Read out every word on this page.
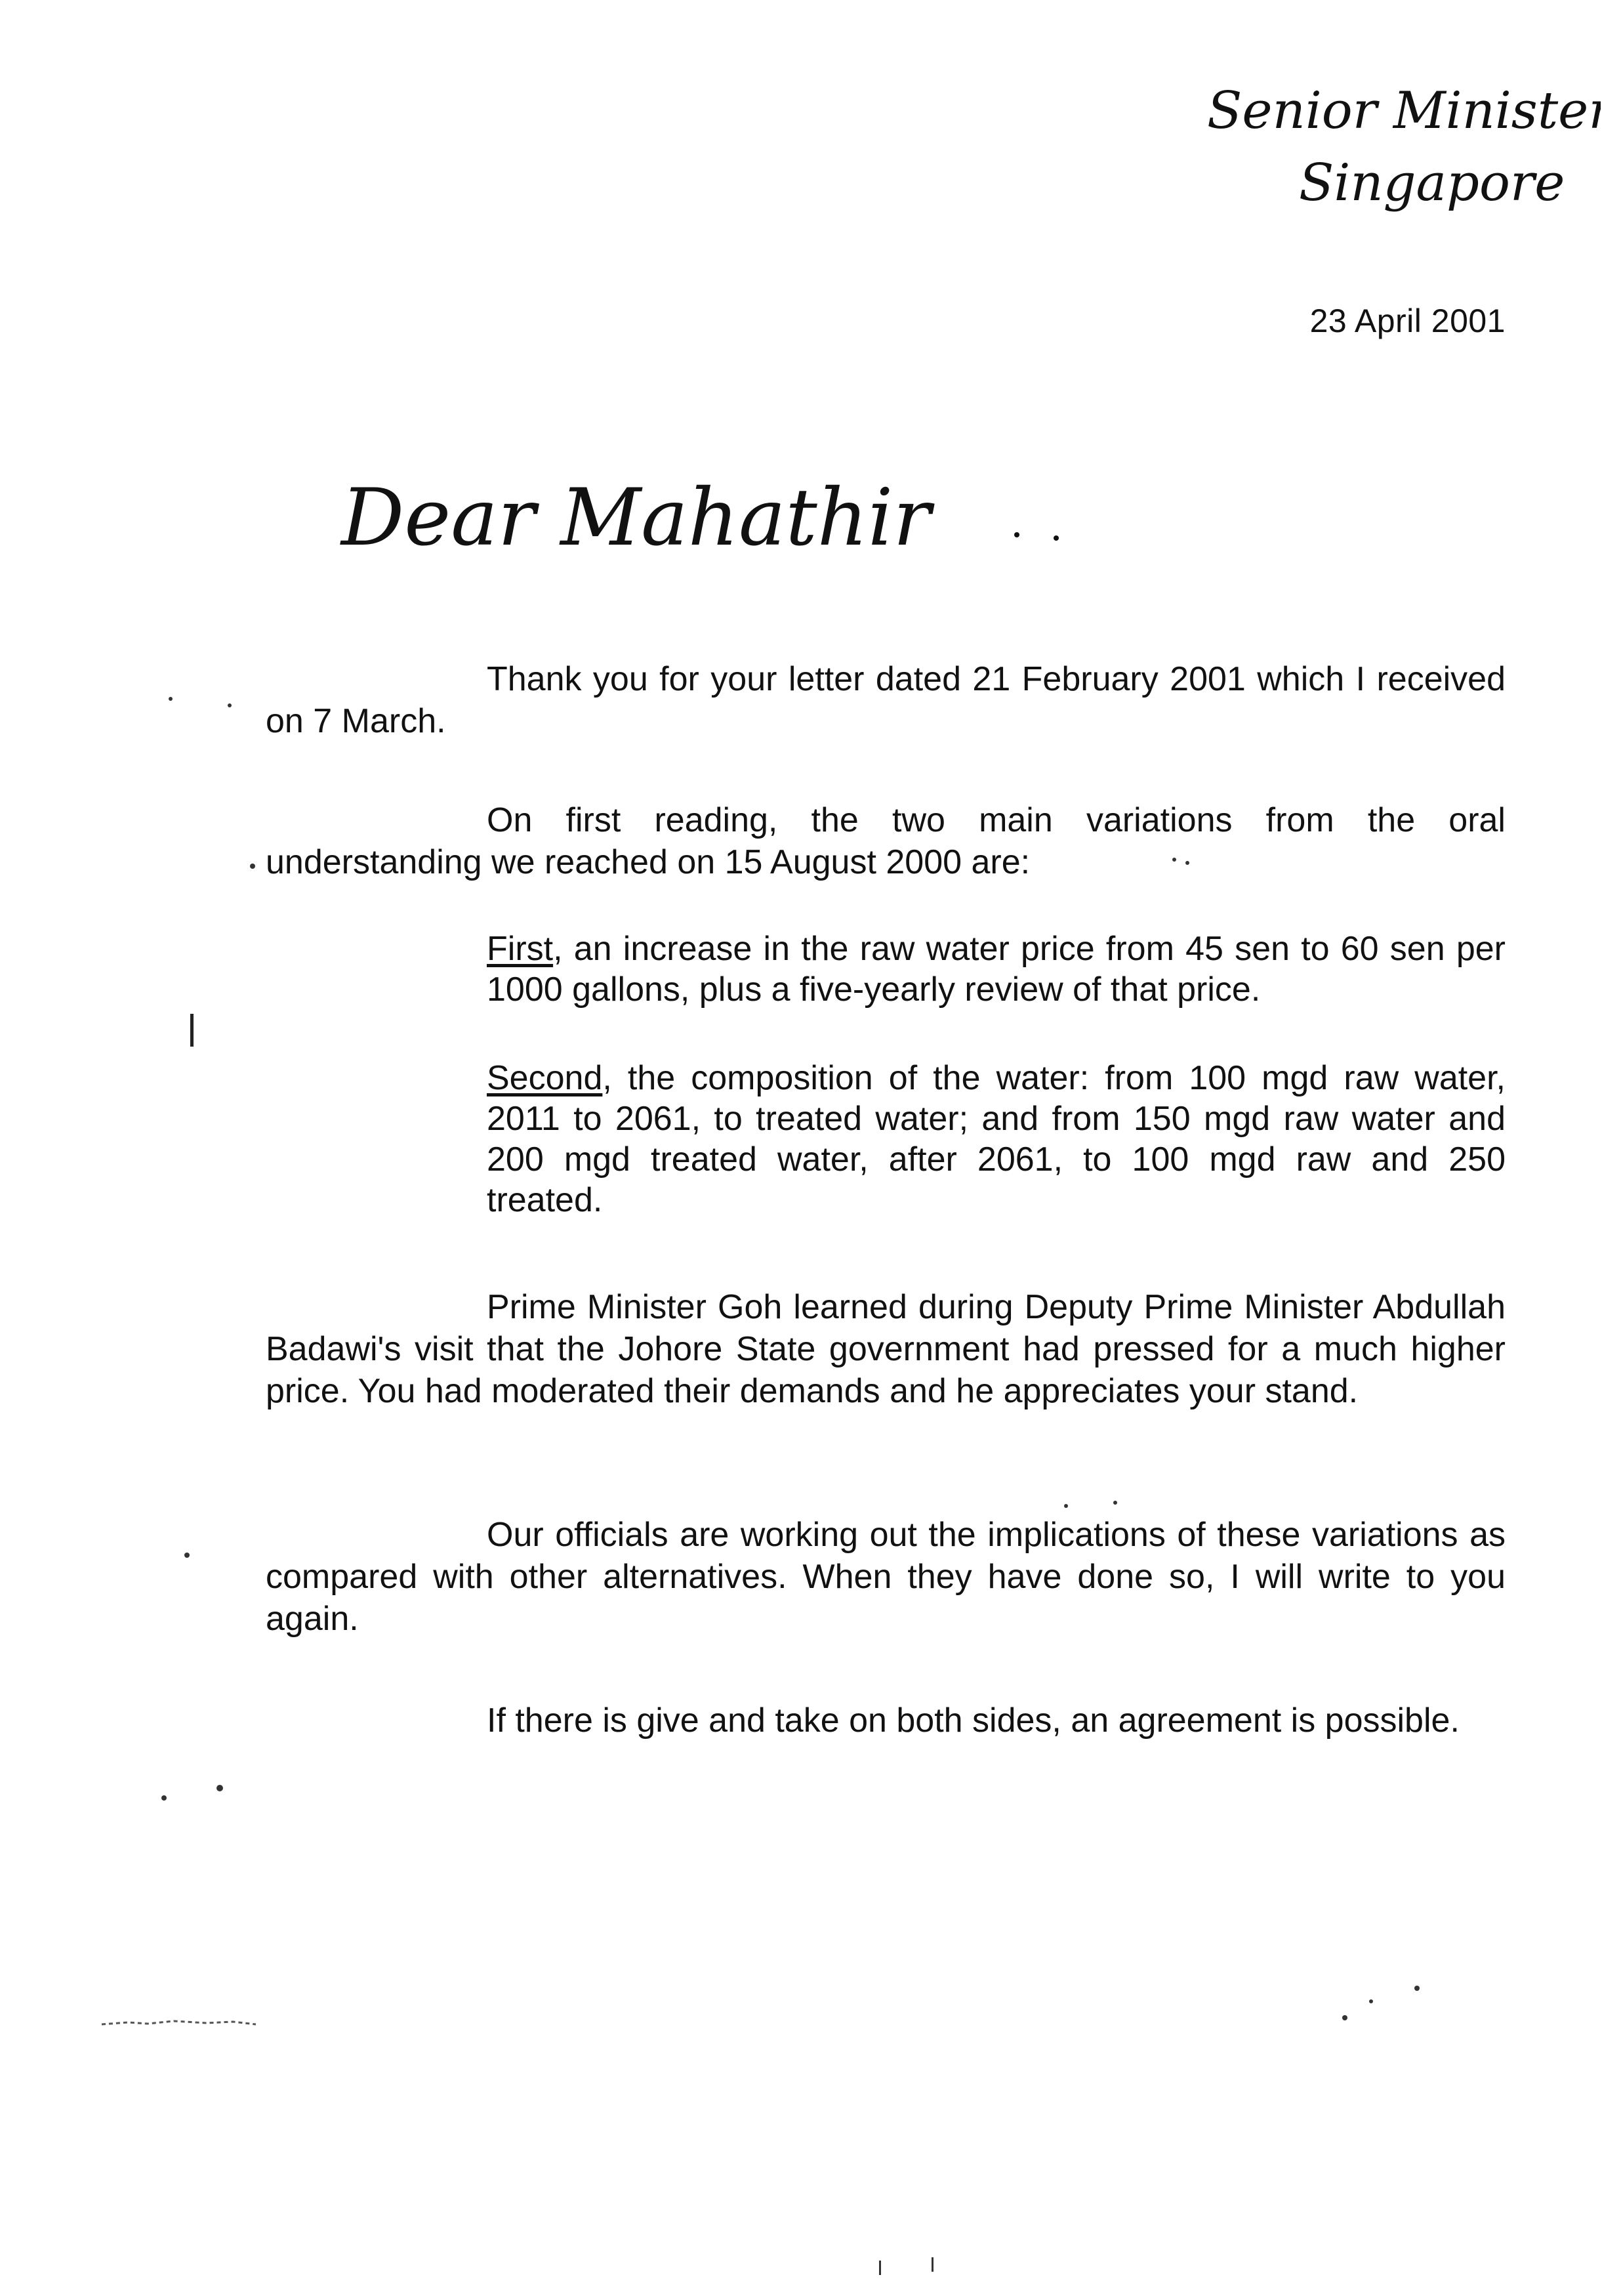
Senior Minister
Singapore
23 April 2001
Dear Mahathir

Thank you for your letter dated 21 February 2001 which I received on 7 March.

On first reading, the two main variations from the oral understanding we reached on 15 August 2000 are:

First, an increase in the raw water price from 45 sen to 60 sen per 1000 gallons, plus a five-yearly review of that price.

Second, the composition of the water: from 100 mgd raw water, 2011 to 2061, to treated water; and from 150 mgd raw water and 200 mgd treated water, after 2061, to 100 mgd raw and 250 treated.

Prime Minister Goh learned during Deputy Prime Minister Abdullah Badawi's visit that the Johore State government had pressed for a much higher price. You had moderated their demands and he appreciates your stand.

Our officials are working out the implications of these variations as compared with other alternatives. When they have done so, I will write to you again.

If there is give and take on both sides, an agreement is possible.
